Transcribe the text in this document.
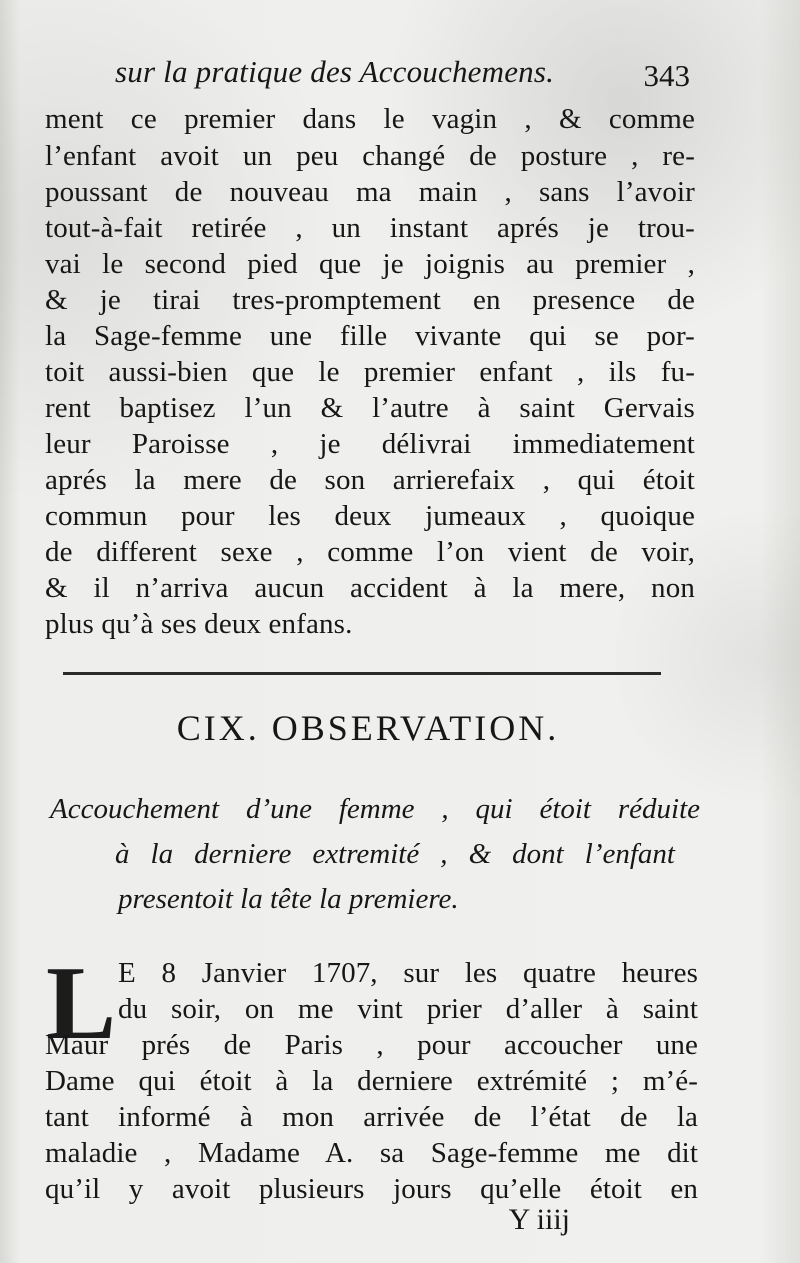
sur la pratique des Accouchemens.	343
ment ce premier dans le vagin , & comme
l’enfant avoit un peu changé de posture , re-
poussant de nouveau ma main , sans l’avoir
tout-à-fait retirée , un instant aprés je trou-
vai le second pied que je joignis au premier ,
& je tirai tres-promptement en presence de
la Sage-femme une fille vivante qui se por-
toit aussi-bien que le premier enfant , ils fu-
rent baptisez l’un & l’autre à saint Gervais
leur Paroisse , je délivrai immediatement
aprés la mere de son arrierefaix , qui étoit
commun pour les deux jumeaux , quoique
de different sexe , comme l’on vient de voir,
& il n’arriva aucun accident à la mere, non
plus qu’à ses deux enfans.
CIX. OBSERVATION.
Accouchement d’une femme , qui étoit réduite
à la derniere extremité , & dont l’enfant
presentoit la tête la premiere.
L E 8 Janvier 1707, sur les quatre heures
du soir, on me vint prier d’aller à saint
Maur prés de Paris , pour accoucher une
Dame qui étoit à la derniere extrémité ; m’é-
tant informé à mon arrivée de l’état de la
maladie , Madame A. sa Sage-femme me dit
qu’il y avoit plusieurs jours qu’elle étoit en
Y iiij
